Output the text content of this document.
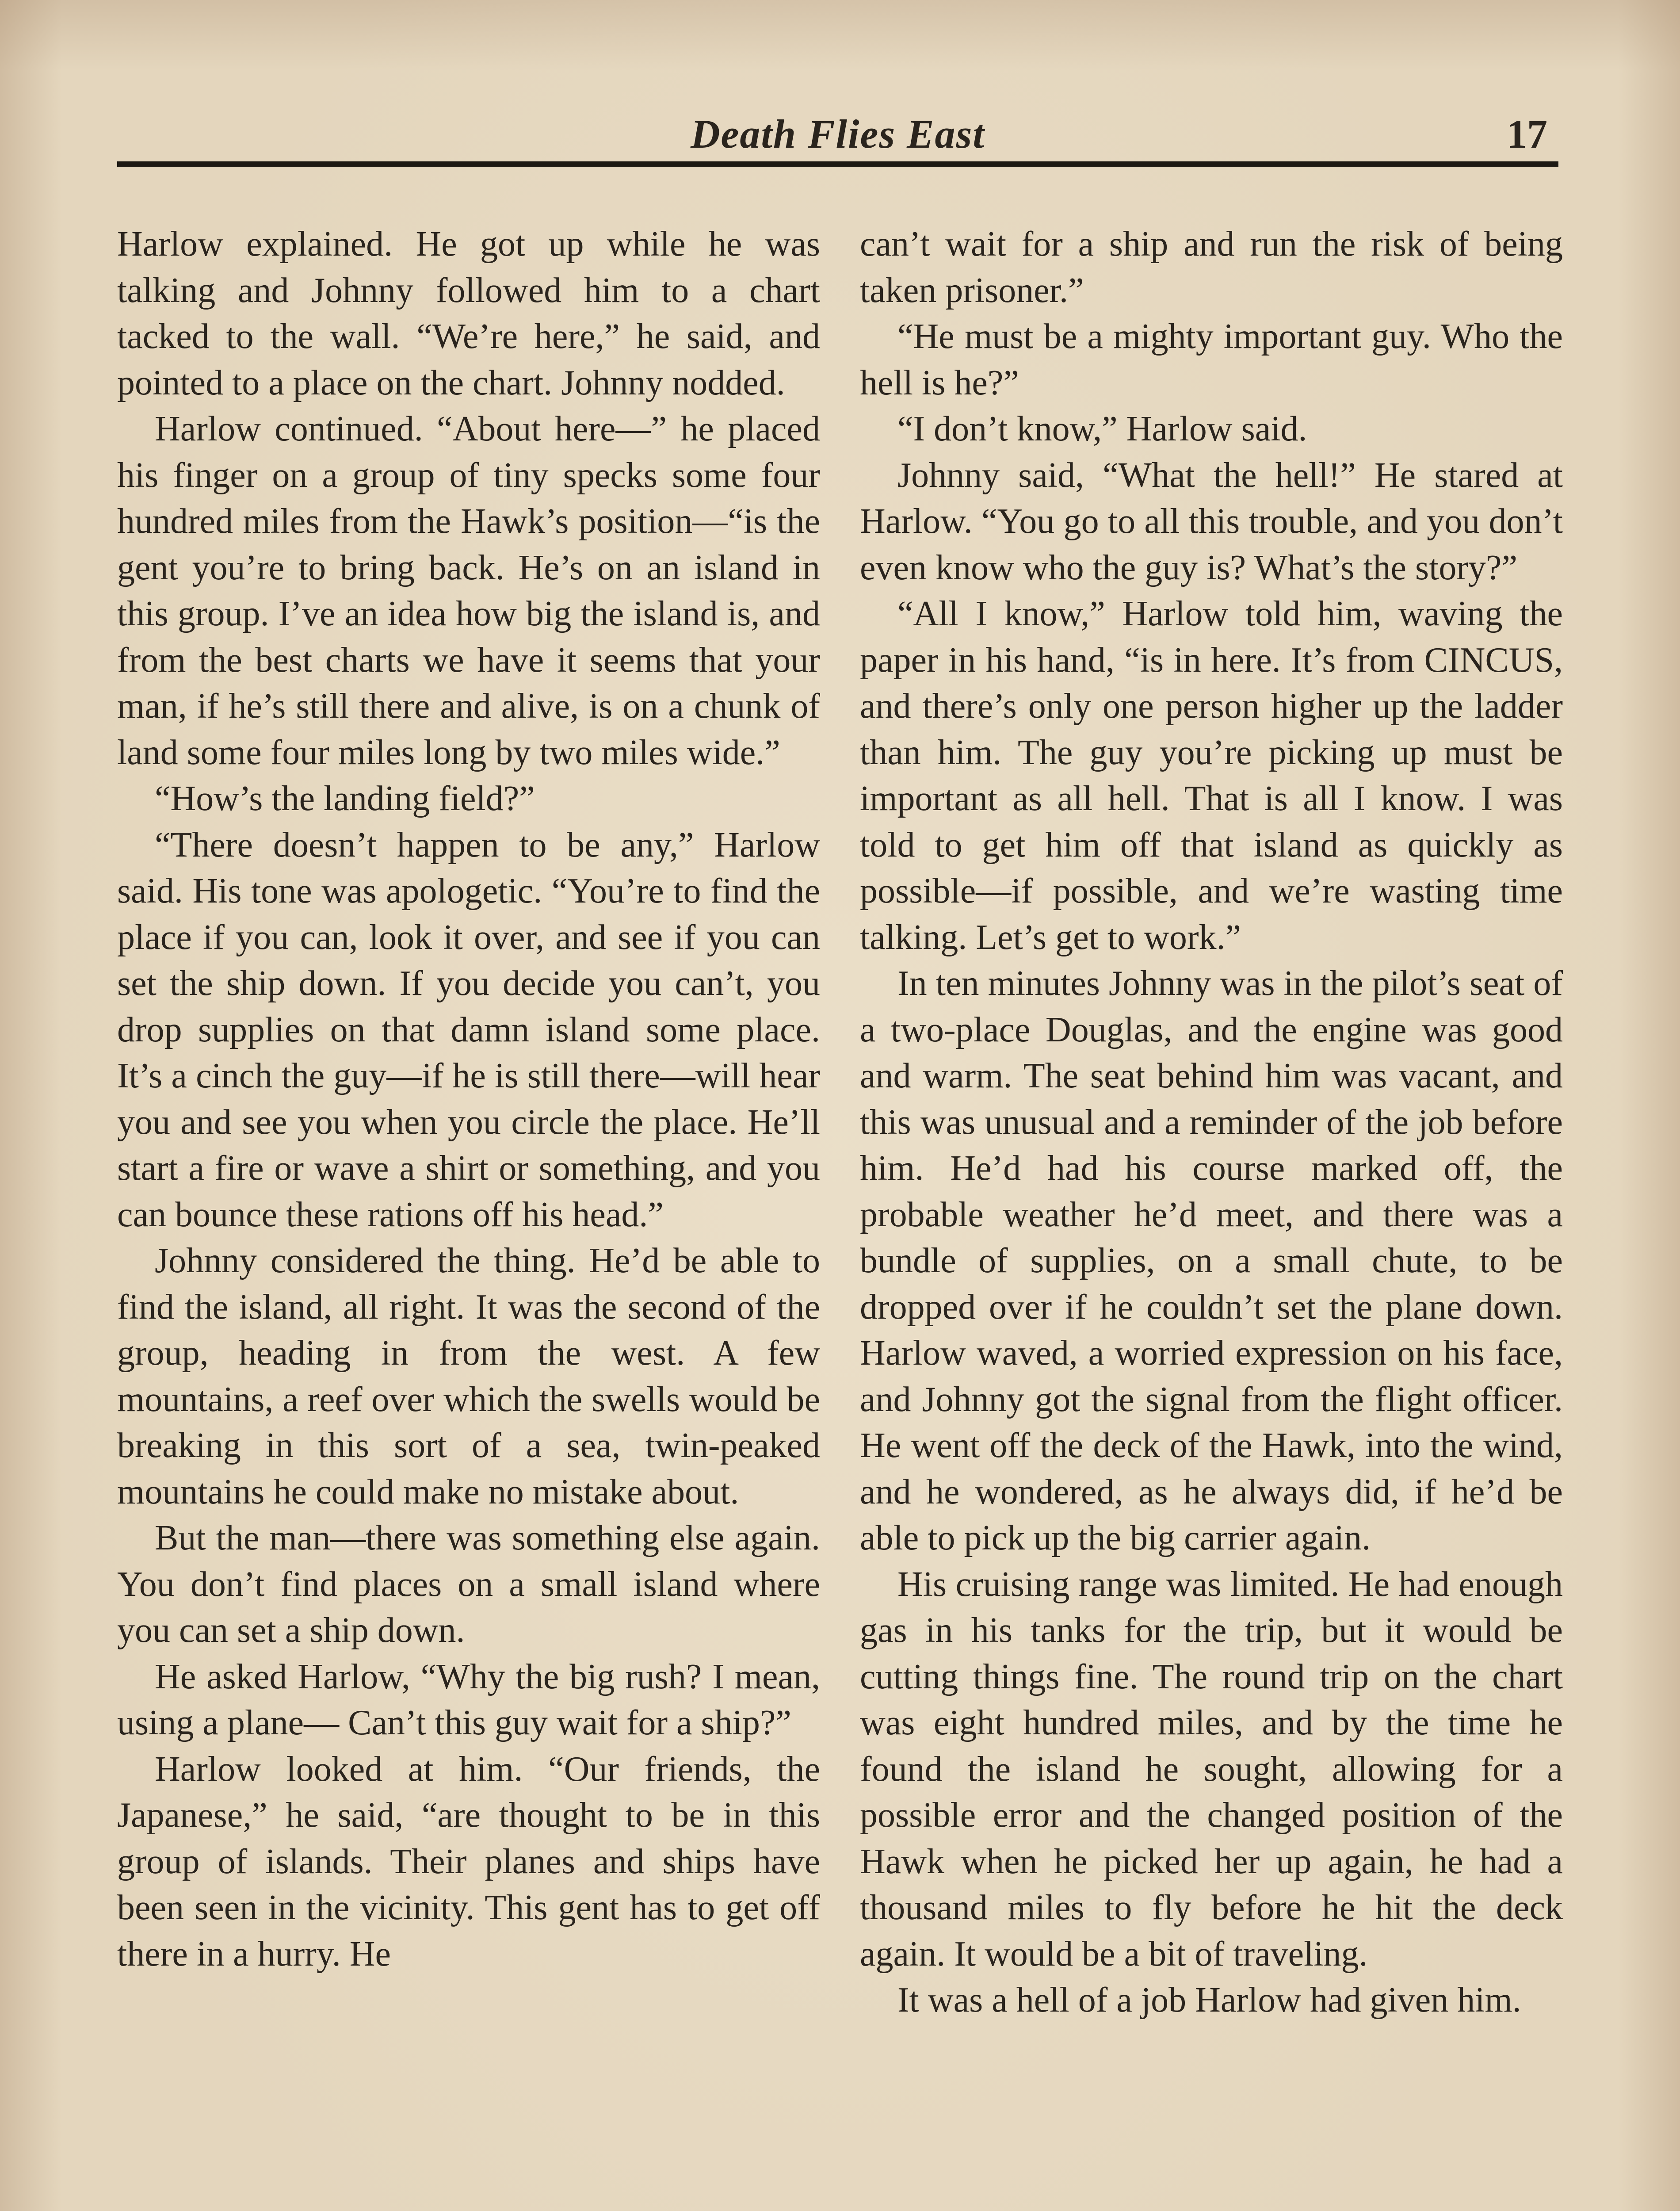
Death Flies East	17

Harlow explained. He got up while he was talking and Johnny followed him to a chart tacked to the wall. “We’re here,” he said, and pointed to a place on the chart. Johnny nodded.

Harlow continued. “About here—” he placed his finger on a group of tiny specks some four hundred miles from the Hawk’s position—“is the gent you’re to bring back. He’s on an island in this group. I’ve an idea how big the island is, and from the best charts we have it seems that your man, if he’s still there and alive, is on a chunk of land some four miles long by two miles wide.”

“How’s the landing field?”

“There doesn’t happen to be any,” Harlow said. His tone was apologetic. “You’re to find the place if you can, look it over, and see if you can set the ship down. If you decide you can’t, you drop supplies on that damn island some place. It’s a cinch the guy—if he is still there—will hear you and see you when you circle the place. He’ll start a fire or wave a shirt or something, and you can bounce these rations off his head.”

Johnny considered the thing. He’d be able to find the island, all right. It was the second of the group, heading in from the west. A few mountains, a reef over which the swells would be breaking in this sort of a sea, twin-peaked mountains he could make no mistake about.

But the man—there was something else again. You don’t find places on a small island where you can set a ship down.

He asked Harlow, “Why the big rush? I mean, using a plane— Can’t this guy wait for a ship?”

Harlow looked at him. “Our friends, the Japanese,” he said, “are thought to be in this group of islands. Their planes and ships have been seen in the vicinity. This gent has to get off there in a hurry. He

can’t wait for a ship and run the risk of being taken prisoner.”

“He must be a mighty important guy. Who the hell is he?”

“I don’t know,” Harlow said.

Johnny said, “What the hell!” He stared at Harlow. “You go to all this trouble, and you don’t even know who the guy is? What’s the story?”

“All I know,” Harlow told him, waving the paper in his hand, “is in here. It’s from CINCUS, and there’s only one person higher up the ladder than him. The guy you’re picking up must be important as all hell. That is all I know. I was told to get him off that island as quickly as possible—if possible, and we’re wasting time talking. Let’s get to work.”

In ten minutes Johnny was in the pilot’s seat of a two-place Douglas, and the engine was good and warm. The seat behind him was vacant, and this was unusual and a reminder of the job before him. He’d had his course marked off, the probable weather he’d meet, and there was a bundle of supplies, on a small chute, to be dropped over if he couldn’t set the plane down. Harlow waved, a worried expression on his face, and Johnny got the signal from the flight officer. He went off the deck of the Hawk, into the wind, and he wondered, as he always did, if he’d be able to pick up the big carrier again.

His cruising range was limited. He had enough gas in his tanks for the trip, but it would be cutting things fine. The round trip on the chart was eight hundred miles, and by the time he found the island he sought, allowing for a possible error and the changed position of the Hawk when he picked her up again, he had a thousand miles to fly before he hit the deck again. It would be a bit of traveling.

It was a hell of a job Harlow had given him.
